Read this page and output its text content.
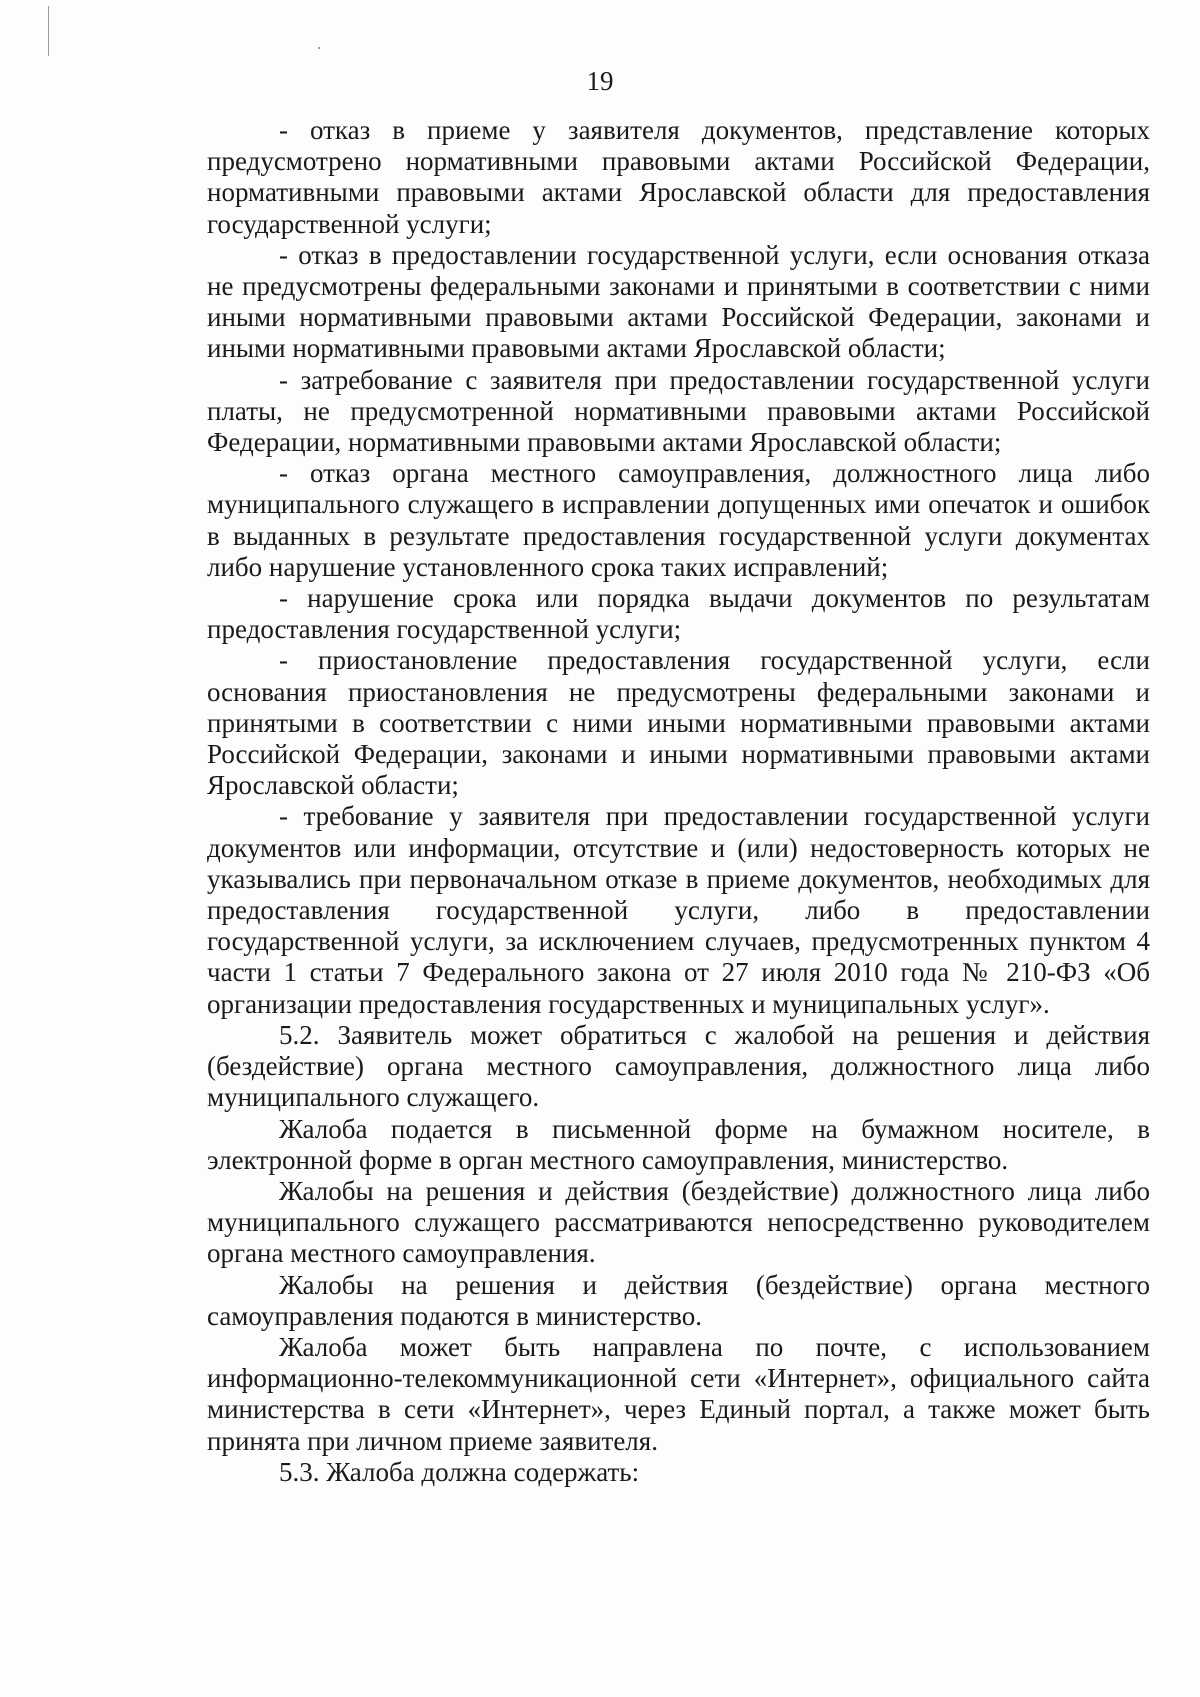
19

- отказ в приеме у заявителя документов, представление которых предусмотрено нормативными правовыми актами Российской Федерации, нормативными правовыми актами Ярославской области для предоставления государственной услуги;

- отказ в предоставлении государственной услуги, если основания отказа не предусмотрены федеральными законами и принятыми в соответствии с ними иными нормативными правовыми актами Российской Федерации, законами и иными нормативными правовыми актами Ярославской области;

- затребование с заявителя при предоставлении государственной услуги платы, не предусмотренной нормативными правовыми актами Российской Федерации, нормативными правовыми актами Ярославской области;

- отказ органа местного самоуправления, должностного лица либо муниципального служащего в исправлении допущенных ими опечаток и ошибок в выданных в результате предоставления государственной услуги документах либо нарушение установленного срока таких исправлений;

- нарушение срока или порядка выдачи документов по результатам предоставления государственной услуги;

- приостановление предоставления государственной услуги, если основания приостановления не предусмотрены федеральными законами и принятыми в соответствии с ними иными нормативными правовыми актами Российской Федерации, законами и иными нормативными правовыми актами Ярославской области;

- требование у заявителя при предоставлении государственной услуги документов или информации, отсутствие и (или) недостоверность которых не указывались при первоначальном отказе в приеме документов, необходимых для предоставления государственной услуги, либо в предоставлении государственной услуги, за исключением случаев, предусмотренных пунктом 4 части 1 статьи 7 Федерального закона от 27 июля 2010 года № 210-ФЗ «Об организации предоставления государственных и муниципальных услуг».

5.2. Заявитель может обратиться с жалобой на решения и действия (бездействие) органа местного самоуправления, должностного лица либо муниципального служащего.

Жалоба подается в письменной форме на бумажном носителе, в электронной форме в орган местного самоуправления, министерство.

Жалобы на решения и действия (бездействие) должностного лица либо муниципального служащего рассматриваются непосредственно руководителем органа местного самоуправления.

Жалобы на решения и действия (бездействие) органа местного самоуправления подаются в министерство.

Жалоба может быть направлена по почте, с использованием информационно-телекоммуникационной сети «Интернет», официального сайта министерства в сети «Интернет», через Единый портал, а также может быть принята при личном приеме заявителя.

5.3. Жалоба должна содержать:
